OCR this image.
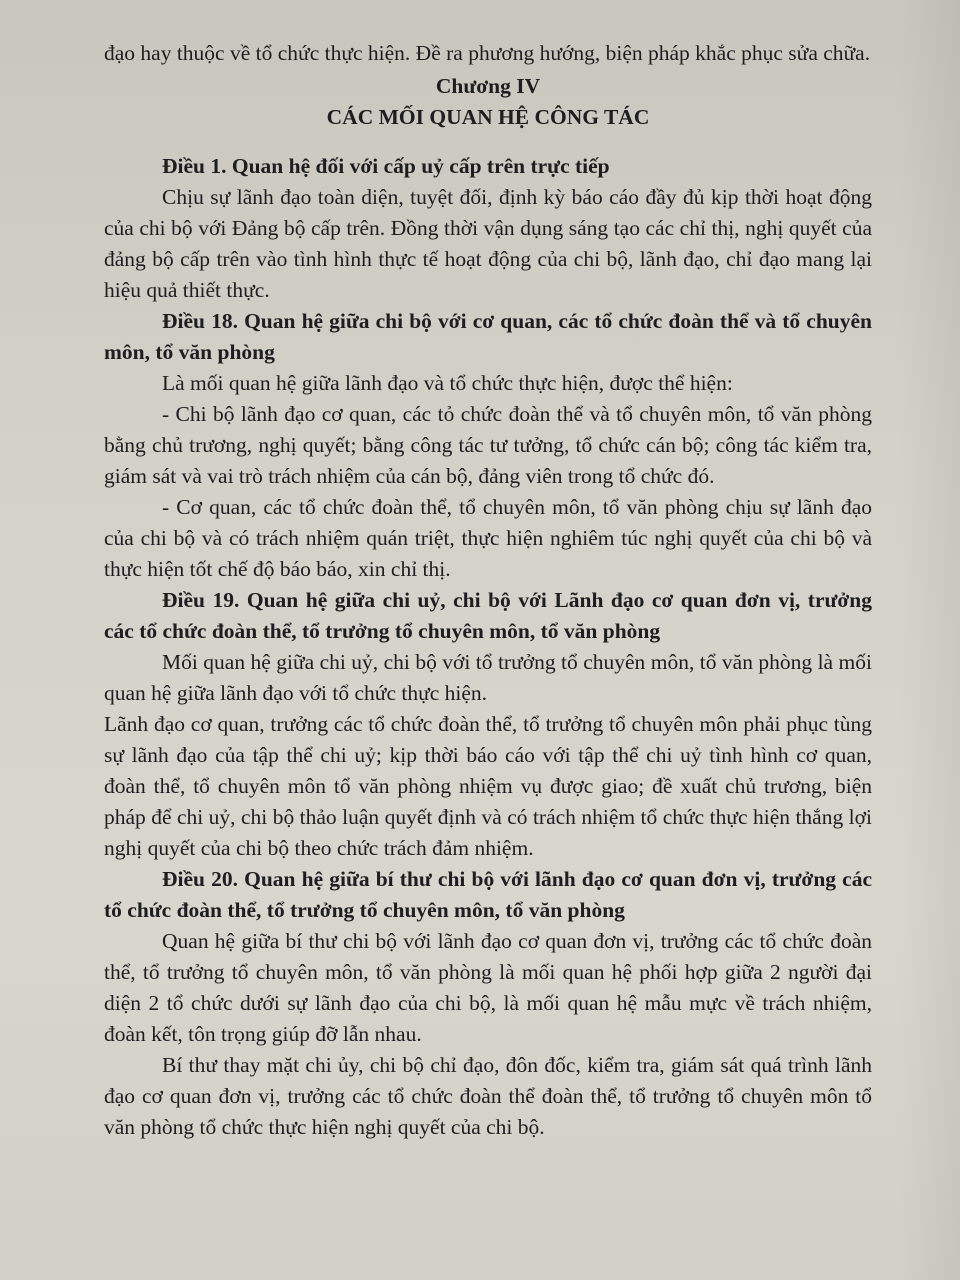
đạo hay thuộc về tổ chức thực hiện. Đề ra phương hướng, biện pháp khắc phục sửa chữa.

Chương IV

CÁC MỐI QUAN HỆ CÔNG TÁC

Điều 1. Quan hệ đối với cấp uỷ cấp trên trực tiếp

Chịu sự lãnh đạo toàn diện, tuyệt đối, định kỳ báo cáo đầy đủ kịp thời hoạt động của chi bộ với Đảng bộ cấp trên. Đồng thời vận dụng sáng tạo các chỉ thị, nghị quyết của đảng bộ cấp trên vào tình hình thực tế hoạt động của chi bộ, lãnh đạo, chỉ đạo mang lại hiệu quả thiết thực.

Điều 18. Quan hệ giữa chi bộ với cơ quan, các tổ chức đoàn thể và tổ chuyên môn, tổ văn phòng

Là mối quan hệ giữa lãnh đạo và tổ chức thực hiện, được thể hiện:

- Chi bộ lãnh đạo cơ quan, các tỏ chức đoàn thể và tổ chuyên môn, tổ văn phòng bằng chủ trương, nghị quyết; bằng công tác tư tưởng, tổ chức cán bộ; công tác kiểm tra, giám sát và vai trò trách nhiệm của cán bộ, đảng viên trong tổ chức đó.

- Cơ quan, các tổ chức đoàn thể, tổ chuyên môn, tổ văn phòng chịu sự lãnh đạo của chi bộ và có trách nhiệm quán triệt, thực hiện nghiêm túc nghị quyết của chi bộ và thực hiện tốt chế độ báo báo, xin chỉ thị.

Điều 19. Quan hệ giữa chi uỷ, chi bộ với Lãnh đạo cơ quan đơn vị, trưởng các tổ chức đoàn thể, tổ trưởng tổ chuyên môn, tổ văn phòng

Mối quan hệ giữa chi uỷ, chi bộ với tổ trưởng tổ chuyên môn, tổ văn phòng là mối quan hệ giữa lãnh đạo với tổ chức thực hiện.

Lãnh đạo cơ quan, trưởng các tổ chức đoàn thể, tổ trưởng tổ chuyên môn phải phục tùng sự lãnh đạo của tập thể chi uỷ; kịp thời báo cáo với tập thể chi uỷ tình hình cơ quan, đoàn thể, tổ chuyên môn tổ văn phòng nhiệm vụ được giao; đề xuất chủ trương, biện pháp để chi uỷ, chi bộ thảo luận quyết định và có trách nhiệm tổ chức thực hiện thắng lợi nghị quyết của chi bộ theo chức trách đảm nhiệm.

Điều 20. Quan hệ giữa bí thư chi bộ với lãnh đạo cơ quan đơn vị, trưởng các tổ chức đoàn thể, tổ trưởng tổ chuyên môn, tổ văn phòng

Quan hệ giữa bí thư chi bộ với lãnh đạo cơ quan đơn vị, trưởng các tổ chức đoàn thể, tổ trưởng tổ chuyên môn, tổ văn phòng là mối quan hệ phối hợp giữa 2 người đại diện 2 tổ chức dưới sự lãnh đạo của chi bộ, là mối quan hệ mẫu mực về trách nhiệm, đoàn kết, tôn trọng giúp đỡ lẫn nhau.

Bí thư thay mặt chi ủy, chi bộ chỉ đạo, đôn đốc, kiểm tra, giám sát quá trình lãnh đạo cơ quan đơn vị, trưởng các tổ chức đoàn thể đoàn thể, tổ trưởng tổ chuyên môn tổ văn phòng tổ chức thực hiện nghị quyết của chi bộ.
